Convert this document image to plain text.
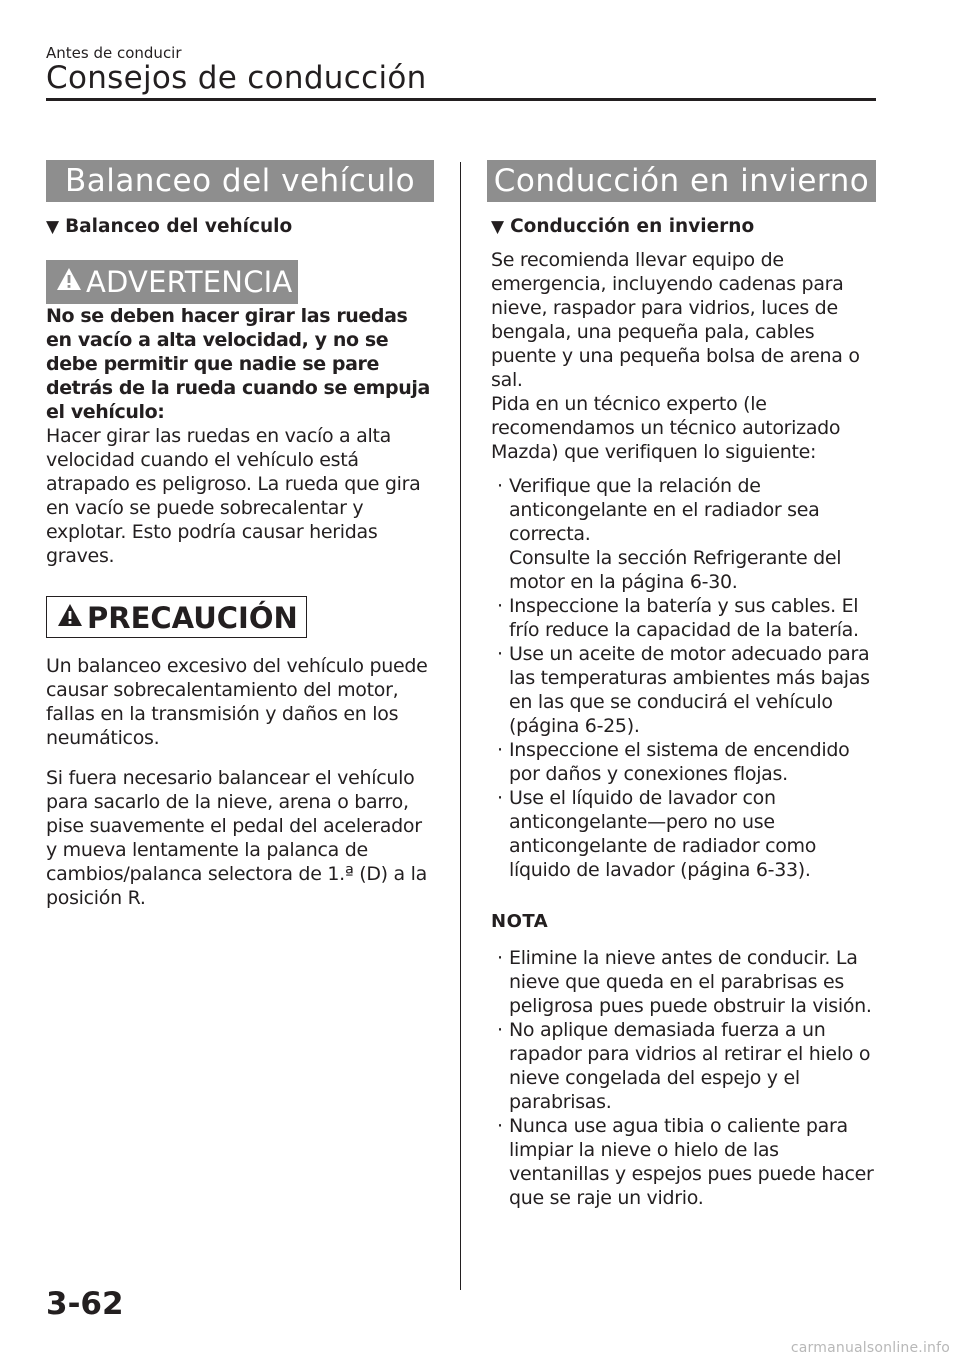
Antes de conducir
Consejos de conducción
Balanceo del vehículo
▼ Balanceo del vehículo
ADVERTENCIA

No se deben hacer girar las ruedas en vacío a alta velocidad, y no se debe permitir que nadie se pare detrás de la rueda cuando se empuja el vehículo:

Hacer girar las ruedas en vacío a alta velocidad cuando el vehículo está atrapado es peligroso. La rueda que gira en vacío se puede sobrecalentar y explotar. Esto podría causar heridas graves.

PRECAUCIÓN

Un balanceo excesivo del vehículo puede causar sobrecalentamiento del motor, fallas en la transmisión y daños en los neumáticos.

Si fuera necesario balancear el vehículo para sacarlo de la nieve, arena o barro, pise suavemente el pedal del acelerador y mueva lentamente la palanca de cambios/palanca selectora de 1.ª (D) a la posición R.

Conducción en invierno
▼ Conducción en invierno

Se recomienda llevar equipo de emergencia, incluyendo cadenas para nieve, raspador para vidrios, luces de bengala, una pequeña pala, cables puente y una pequeña bolsa de arena o sal.

Pida en un técnico experto (le recomendamos un técnico autorizado Mazda) que verifiquen lo siguiente:

· Verifique que la relación de anticongelante en el radiador sea correcta.
Consulte la sección Refrigerante del motor en la página 6-30.
· Inspeccione la batería y sus cables. El frío reduce la capacidad de la batería.
· Use un aceite de motor adecuado para las temperaturas ambientes más bajas en las que se conducirá el vehículo (página 6-25).
· Inspeccione el sistema de encendido por daños y conexiones flojas.
· Use el líquido de lavador con anticongelante—pero no use anticongelante de radiador como líquido de lavador (página 6-33).
NOTA
· Elimine la nieve antes de conducir. La nieve que queda en el parabrisas es peligrosa pues puede obstruir la visión.
· No aplique demasiada fuerza a un rapador para vidrios al retirar el hielo o nieve congelada del espejo y el parabrisas.
· Nunca use agua tibia o caliente para limpiar la nieve o hielo de las ventanillas y espejos pues puede hacer que se raje un vidrio.
3-62
carmanualsonline.info
